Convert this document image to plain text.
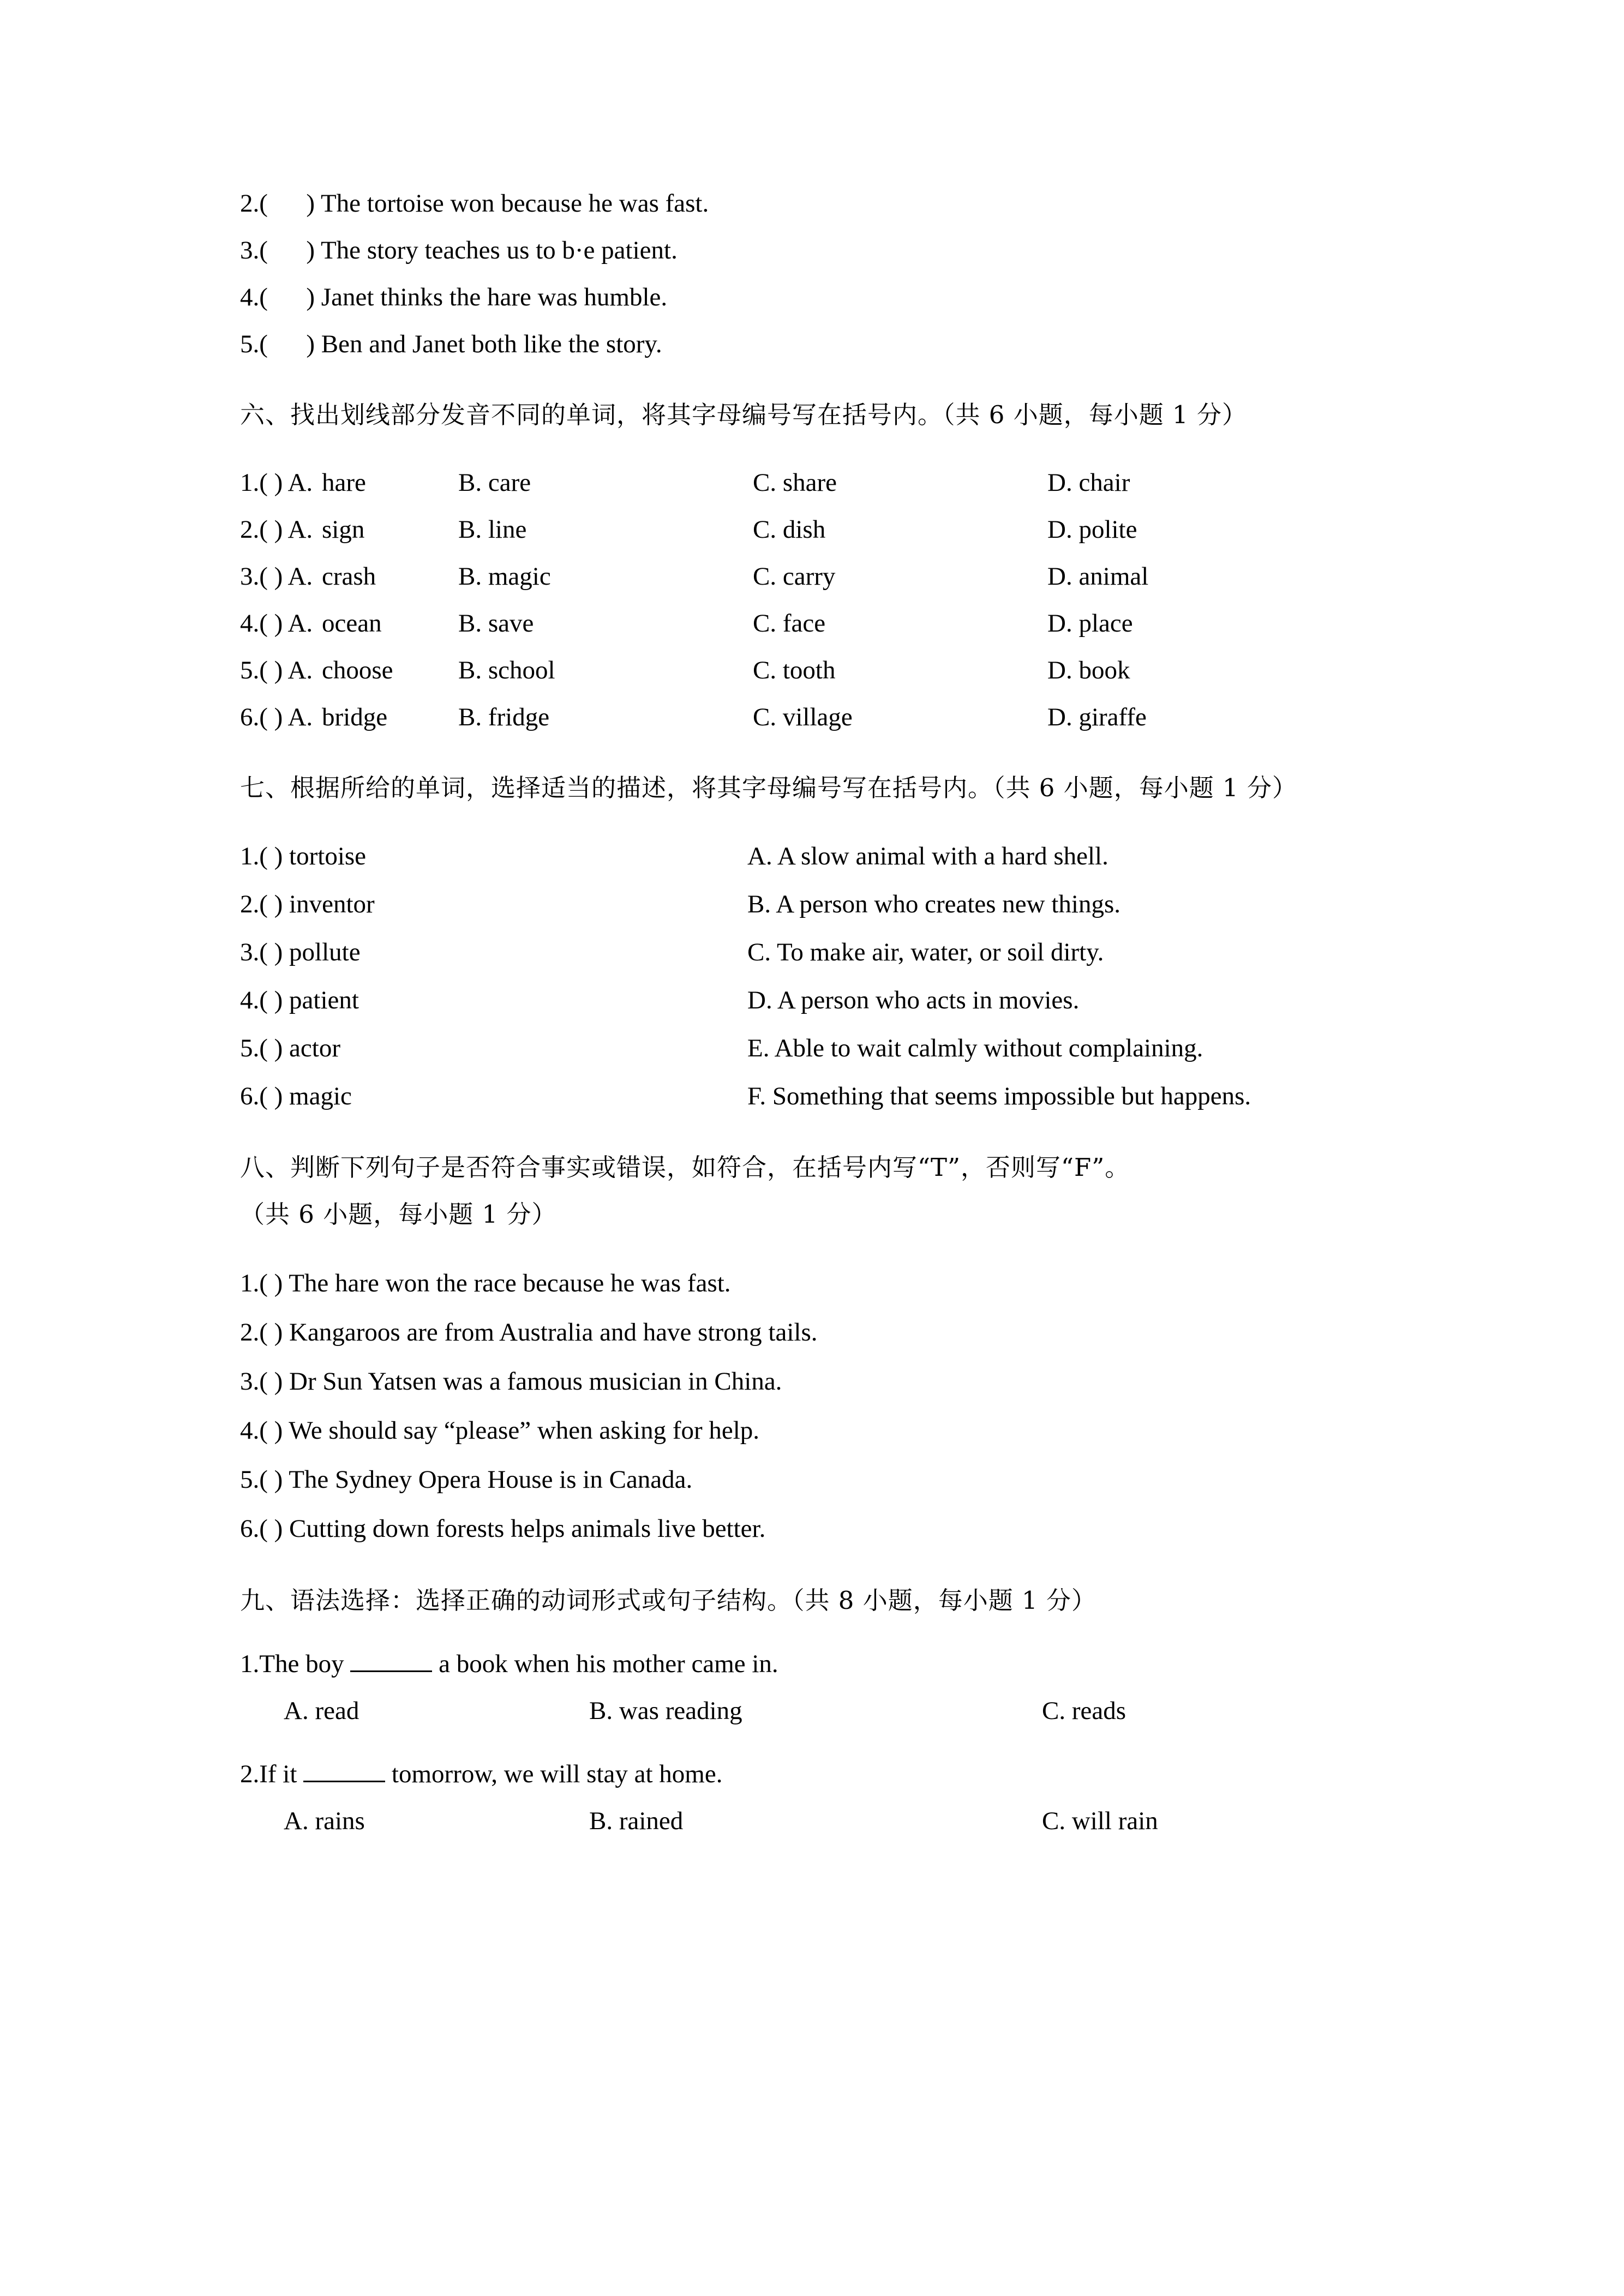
2.(      ) The tortoise won because he was fast.
3.(      ) The story teaches us to b·e patient.
4.(      ) Janet thinks the hare was humble.
5.(      ) Ben and Janet both like the story.
六、找出划线部分发音不同的单词，将其字母编号写在括号内。（共 6 小题，每小题 1 分）
1.( ) A. hare	B. care	C. share	D. chair
2.( ) A. sign	B. line	C. dish	D. polite
3.( ) A. crash	B. magic	C. carry	D. animal
4.( ) A. ocean	B. save	C. face	D. place
5.( ) A. choose	B. school	C. tooth	D. book
6.( ) A. bridge	B. fridge	C. village	D. giraffe
七、根据所给的单词，选择适当的描述，将其字母编号写在括号内。（共 6 小题，每小题 1 分）
1.( ) tortoise	A. A slow animal with a hard shell.
2.( ) inventor	B. A person who creates new things.
3.( ) pollute	C. To make air, water, or soil dirty.
4.( ) patient	D. A person who acts in movies.
5.( ) actor	E. Able to wait calmly without complaining.
6.( ) magic	F. Something that seems impossible but happens.
八、判断下列句子是否符合事实或错误，如符合，在括号内写“T”，否则写“F”。
（共 6 小题，每小题 1 分）
1.( ) The hare won the race because he was fast.
2.( ) Kangaroos are from Australia and have strong tails.
3.( ) Dr Sun Yatsen was a famous musician in China.
4.( ) We should say “please” when asking for help.
5.( ) The Sydney Opera House is in Canada.
6.( ) Cutting down forests helps animals live better.
九、语法选择：选择正确的动词形式或句子结构。（共 8 小题，每小题 1 分）
1.The boy	a book when his mother came in.
A. read	B. was reading	C. reads
2.If it	tomorrow, we will stay at home.
A. rains	B. rained	C. will rain
